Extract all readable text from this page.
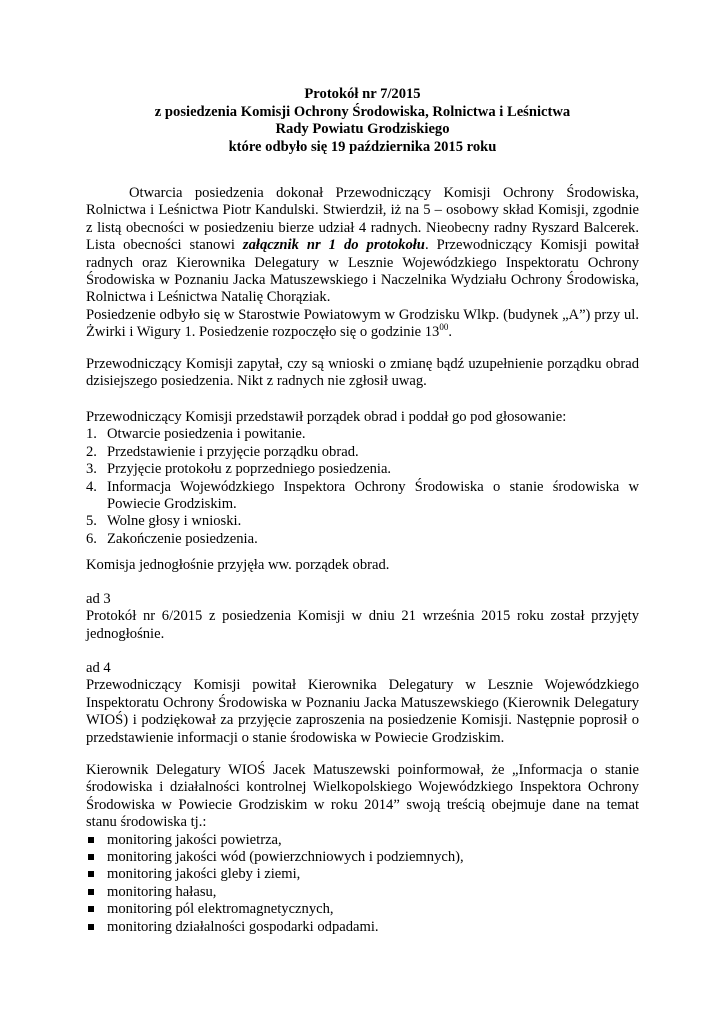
Protokół nr 7/2015
z posiedzenia Komisji Ochrony Środowiska, Rolnictwa i Leśnictwa
Rady Powiatu Grodziskiego
które odbyło się 19 października 2015 roku

Otwarcia posiedzenia dokonał Przewodniczący Komisji Ochrony Środowiska, Rolnictwa i Leśnictwa Piotr Kandulski. Stwierdził, iż na 5 – osobowy skład Komisji, zgodnie z listą obecności w posiedzeniu bierze udział 4 radnych. Nieobecny radny Ryszard Balcerek. Lista obecności stanowi załącznik nr 1 do protokołu. Przewodniczący Komisji powitał radnych oraz Kierownika Delegatury w Lesznie Wojewódzkiego Inspektoratu Ochrony Środowiska w Poznaniu Jacka Matuszewskiego i Naczelnika Wydziału Ochrony Środowiska, Rolnictwa i Leśnictwa Natalię Chorąziak.

Posiedzenie odbyło się w Starostwie Powiatowym w Grodzisku Wlkp. (budynek „A”) przy ul. Żwirki i Wigury 1. Posiedzenie rozpoczęło się o godzinie $13^{00}$.

Przewodniczący Komisji zapytał, czy są wnioski o zmianę bądź uzupełnienie porządku obrad dzisiejszego posiedzenia. Nikt z radnych nie zgłosił uwag.

Przewodniczący Komisji przedstawił porządek obrad i poddał go pod głosowanie:

1. Otwarcie posiedzenia i powitanie.
2. Przedstawienie i przyjęcie porządku obrad.
3. Przyjęcie protokołu z poprzedniego posiedzenia.
4. Informacja Wojewódzkiego Inspektora Ochrony Środowiska o stanie środowiska w Powiecie Grodziskim.
5. Wolne głosy i wnioski.
6. Zakończenie posiedzenia.
Komisja jednogłośnie przyjęła ww. porządek obrad.

ad 3

Protokół nr 6/2015 z posiedzenia Komisji w dniu 21 września 2015 roku został przyjęty jednogłośnie.

ad 4

Przewodniczący Komisji powitał Kierownika Delegatury w Lesznie Wojewódzkiego Inspektoratu Ochrony Środowiska w Poznaniu Jacka Matuszewskiego (Kierownik Delegatury WIOŚ) i podziękował za przyjęcie zaproszenia na posiedzenie Komisji. Następnie poprosił o przedstawienie informacji o stanie środowiska w Powiecie Grodziskim.

Kierownik Delegatury WIOŚ Jacek Matuszewski poinformował, że „Informacja o stanie środowiska i działalności kontrolnej Wielkopolskiego Wojewódzkiego Inspektora Ochrony Środowiska w Powiecie Grodziskim w roku 2014” swoją treścią obejmuje dane na temat stanu środowiska tj.:

monitoring jakości powietrza,
monitoring jakości wód (powierzchniowych i podziemnych),
monitoring jakości gleby i ziemi,
monitoring hałasu,
monitoring pól elektromagnetycznych,
monitoring działalności gospodarki odpadami.
